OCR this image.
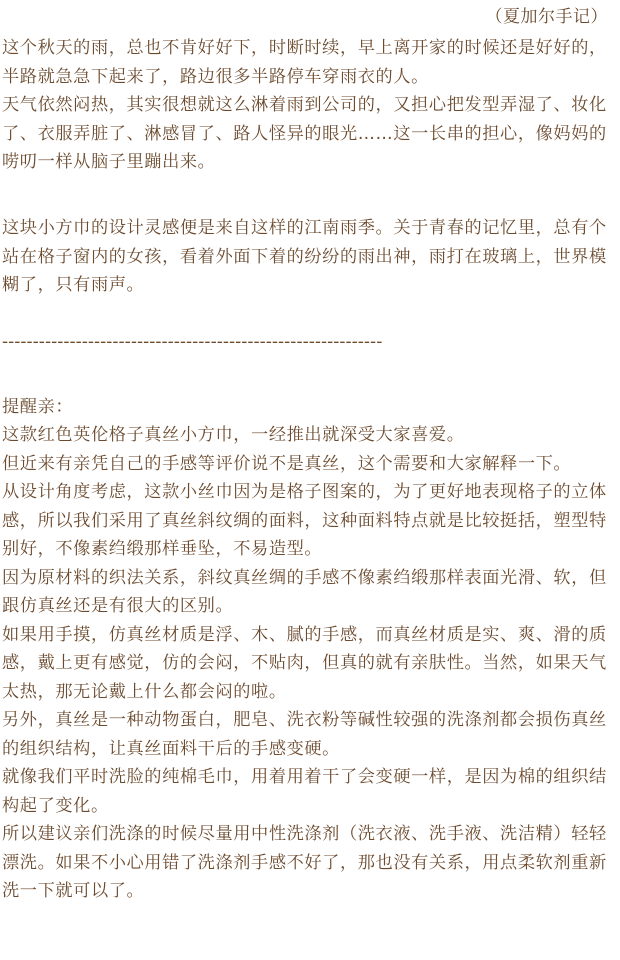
（夏加尔手记）

这个秋天的雨，总也不肯好好下，时断时续，早上离开家的时候还是好好的，半路就急急下起来了，路边很多半路停车穿雨衣的人。

天气依然闷热，其实很想就这么淋着雨到公司的，又担心把发型弄湿了、妆化了、衣服弄脏了、淋感冒了、路人怪异的眼光……这一长串的担心，像妈妈的唠叨一样从脑子里蹦出来。

这块小方巾的设计灵感便是来自这样的江南雨季。关于青春的记忆里，总有个站在格子窗内的女孩，看着外面下着的纷纷的雨出神，雨打在玻璃上，世界模糊了，只有雨声。

--------------------------------------------------------------
提醒亲：

这款红色英伦格子真丝小方巾，一经推出就深受大家喜爱。

但近来有亲凭自己的手感等评价说不是真丝，这个需要和大家解释一下。

从设计角度考虑，这款小丝巾因为是格子图案的，为了更好地表现格子的立体感，所以我们采用了真丝斜纹绸的面料，这种面料特点就是比较挺括，塑型特别好，不像素绉缎那样垂坠，不易造型。

因为原材料的织法关系，斜纹真丝绸的手感不像素绉缎那样表面光滑、软，但跟仿真丝还是有很大的区别。

如果用手摸，仿真丝材质是浮、木、腻的手感，而真丝材质是实、爽、滑的质感，戴上更有感觉，仿的会闷，不贴肉，但真的就有亲肤性。当然，如果天气太热，那无论戴上什么都会闷的啦。

另外，真丝是一种动物蛋白，肥皂、洗衣粉等碱性较强的洗涤剂都会损伤真丝的组织结构，让真丝面料干后的手感变硬。

就像我们平时洗脸的纯棉毛巾，用着用着干了会变硬一样，是因为棉的组织结构起了变化。

所以建议亲们洗涤的时候尽量用中性洗涤剂（洗衣液、洗手液、洗洁精）轻轻漂洗。如果不小心用错了洗涤剂手感不好了，那也没有关系，用点柔软剂重新洗一下就可以了。
